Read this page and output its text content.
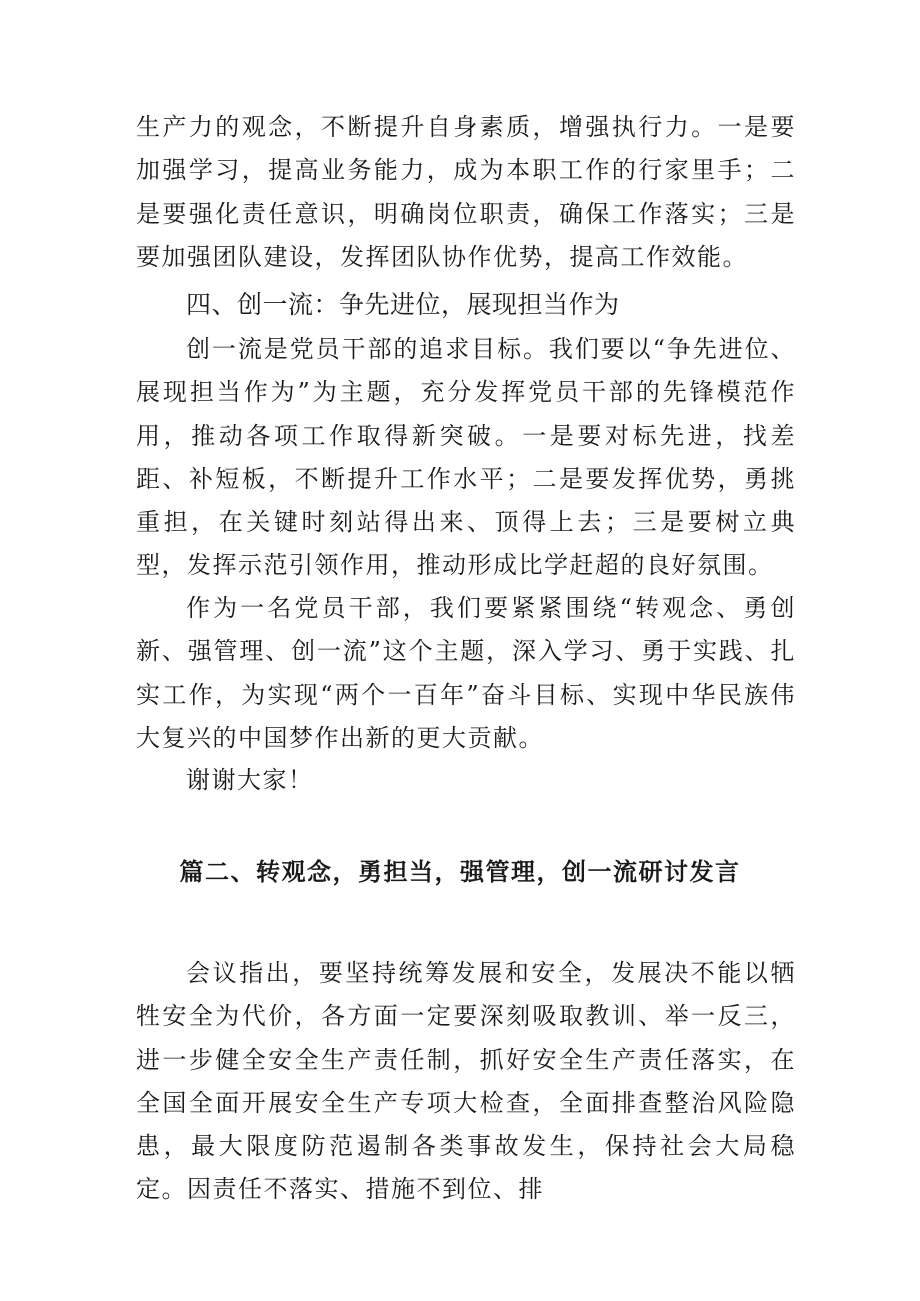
生产力的观念，不断提升自身素质，增强执行力。一是要加强学习，提高业务能力，成为本职工作的行家里手；二是要强化责任意识，明确岗位职责，确保工作落实；三是要加强团队建设，发挥团队协作优势，提高工作效能。

四、创一流：争先进位，展现担当作为

创一流是党员干部的追求目标。我们要以“争先进位、展现担当作为”为主题，充分发挥党员干部的先锋模范作用，推动各项工作取得新突破。一是要对标先进，找差距、补短板，不断提升工作水平；二是要发挥优势，勇挑重担，在关键时刻站得出来、顶得上去；三是要树立典型，发挥示范引领作用，推动形成比学赶超的良好氛围。

作为一名党员干部，我们要紧紧围绕“转观念、勇创新、强管理、创一流”这个主题，深入学习、勇于实践、扎实工作，为实现“两个一百年”奋斗目标、实现中华民族伟大复兴的中国梦作出新的更大贡献。

谢谢大家！

篇二、转观念，勇担当，强管理，创一流研讨发言

会议指出，要坚持统筹发展和安全，发展决不能以牺牲安全为代价，各方面一定要深刻吸取教训、举一反三，进一步健全安全生产责任制，抓好安全生产责任落实，在全国全面开展安全生产专项大检查，全面排查整治风险隐患，最大限度防范遏制各类事故发生，保持社会大局稳定。因责任不落实、措施不到位、排
